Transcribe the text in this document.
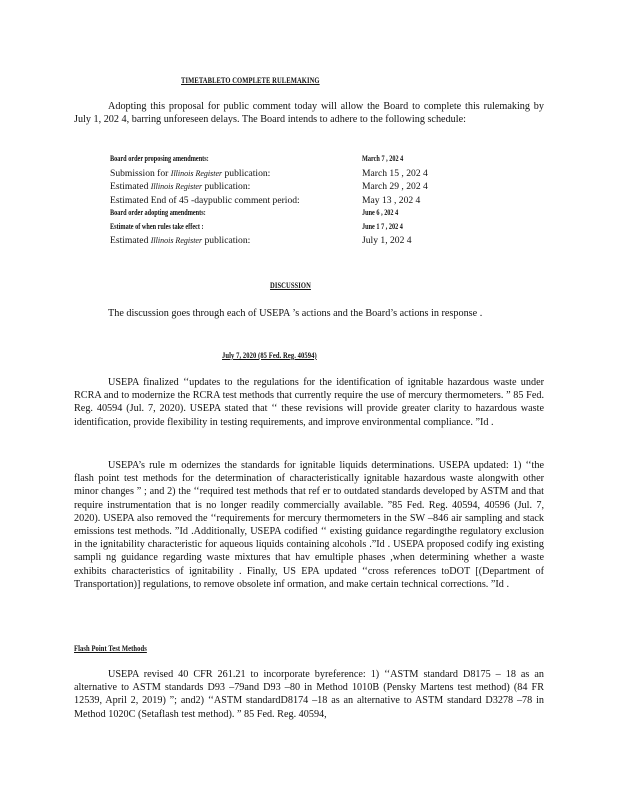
TIMETABLETO COMPLETE RULEMAKING

Adopting this proposal for public comment today will allow the Board to complete this rulemaking by July 1, 202 4, barring unforeseen delays. The Board intends to adhere to the following schedule:

Board order proposing amendments:	March 7 , 202 4
Submission for Illinois Register publication:	March 15 , 202 4
Estimated Illinois Register publication:	March 29 , 202 4
Estimated End of 45 -daypublic comment period:	May 13 , 202 4
Board order adopting amendments:	June 6 , 202 4
Estimate of when rules take effect :	June 1 7 , 202 4
Estimated Illinois Register publication:	July 1, 202 4
DISCUSSION

The discussion goes through each of USEPA ’s actions and the Board’s actions in response .

July 7, 2020 (85 Fed. Reg. 40594)

USEPA finalized ‘‘updates to the regulations for the identification of ignitable hazardous waste under RCRA and to modernize the RCRA test methods that currently require the use of mercury thermometers. ” 85 Fed. Reg. 40594 (Jul. 7, 2020). USEPA stated that ‘‘ these revisions will provide greater clarity to hazardous waste identification, provide flexibility in testing requirements, and improve environmental compliance. ”Id .

USEPA’s rule m odernizes the standards for ignitable liquids determinations. USEPA updated: 1) ‘‘the flash point test methods for the determination of characteristically ignitable hazardous waste alongwith other minor changes ” ; and 2) the ‘‘required test methods that ref er to outdated standards developed by ASTM and that require instrumentation that is no longer readily commercially available. ”85 Fed. Reg. 40594, 40596 (Jul. 7, 2020). USEPA also removed the ‘‘requirements for mercury thermometers in the SW –846 air sampling and stack emissions test methods. ”Id .Additionally, USEPA codified ‘‘ existing guidance regardingthe regulatory exclusion in the ignitability characteristic for aqueous liquids containing alcohols .”Id . USEPA proposed codify ing existing sampli ng guidance regarding waste mixtures that hav emultiple phases ,when determining whether a waste exhibits characteristics of ignitability . Finally, US EPA updated ‘‘cross references toDOT [(Department of Transportation)] regulations, to remove obsolete inf ormation, and make certain technical corrections. ”Id .

Flash Point Test Methods

USEPA revised 40 CFR 261.21 to incorporate byreference: 1) ‘‘ASTM standard D8175 – 18 as an alternative to ASTM standards D93 –79and D93 –80 in Method 1010B (Pensky Martens test method) (84 FR 12539, April 2, 2019) ”; and2) ‘‘ASTM standardD8174 –18 as an alternative to ASTM standard D3278 –78 in Method 1020C (Setaflash test method). ” 85 Fed. Reg. 40594,
